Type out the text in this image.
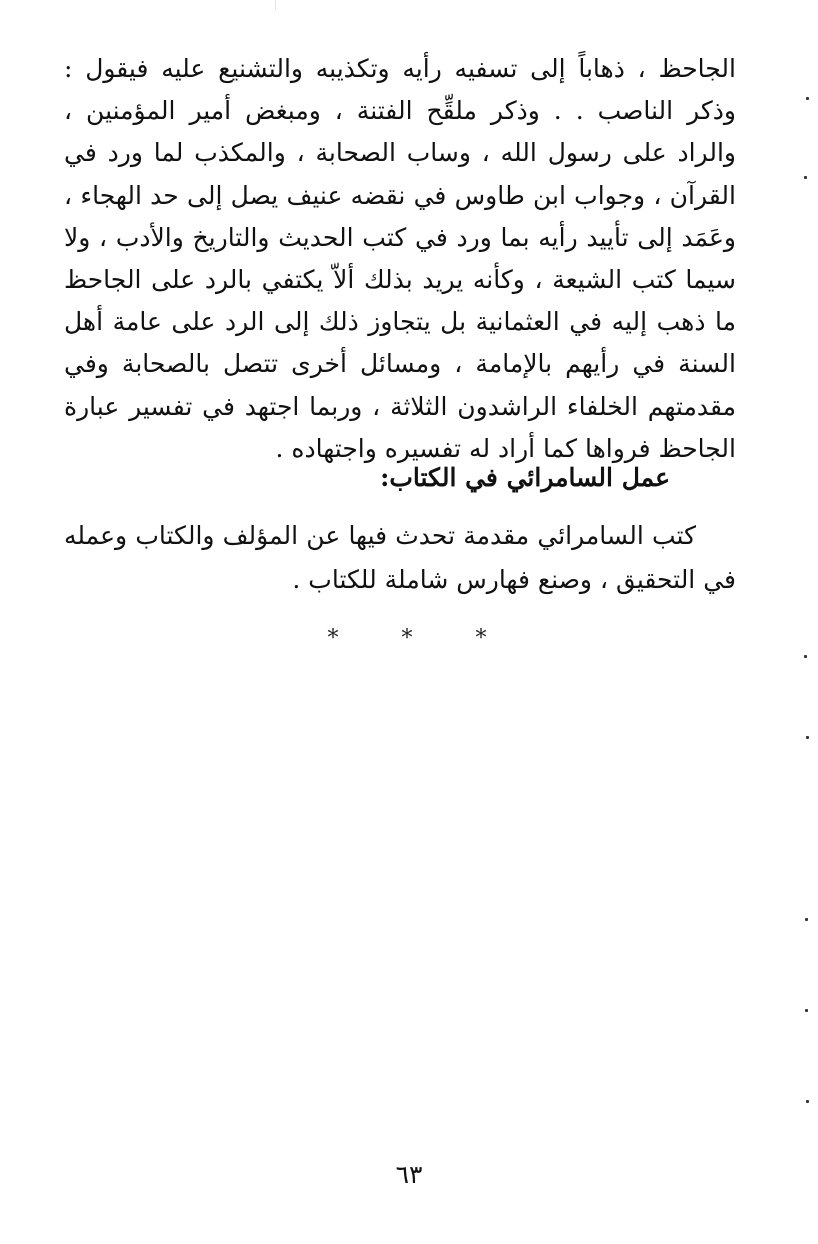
الجاحظ ، ذهاباً إلى تسفيه رأيه وتكذيبه والتشنيع عليه فيقول : وذكر الناصب . . وذكر ملقِّح الفتنة ، ومبغض أمير المؤمنين ، والراد على رسول الله ، وساب الصحابة ، والمكذب لما ورد في القرآن ، وجواب ابن طاوس في نقضه عنيف يصل إلى حد الهجاء ، وعَمَد إلى تأييد رأيه بما ورد في كتب الحديث والتاريخ والأدب ، ولا سيما كتب الشيعة ، وكأنه يريد بذلك ألاّ يكتفي بالرد على الجاحظ ما ذهب إليه في العثمانية بل يتجاوز ذلك إلى الرد على عامة أهل السنة في رأيهم بالإمامة ، ومسائل أخرى تتصل بالصحابة وفي مقدمتهم الخلفاء الراشدون الثلاثة ، وربما اجتهد في تفسير عبارة الجاحظ فرواها كما أراد له تفسيره واجتهاده .

عمل السامرائي في الكتاب:

كتب السامرائي مقدمة تحدث فيها عن المؤلف والكتاب وعمله في التحقيق ، وصنع فهارس شاملة للكتاب .

* * *
٦٣
